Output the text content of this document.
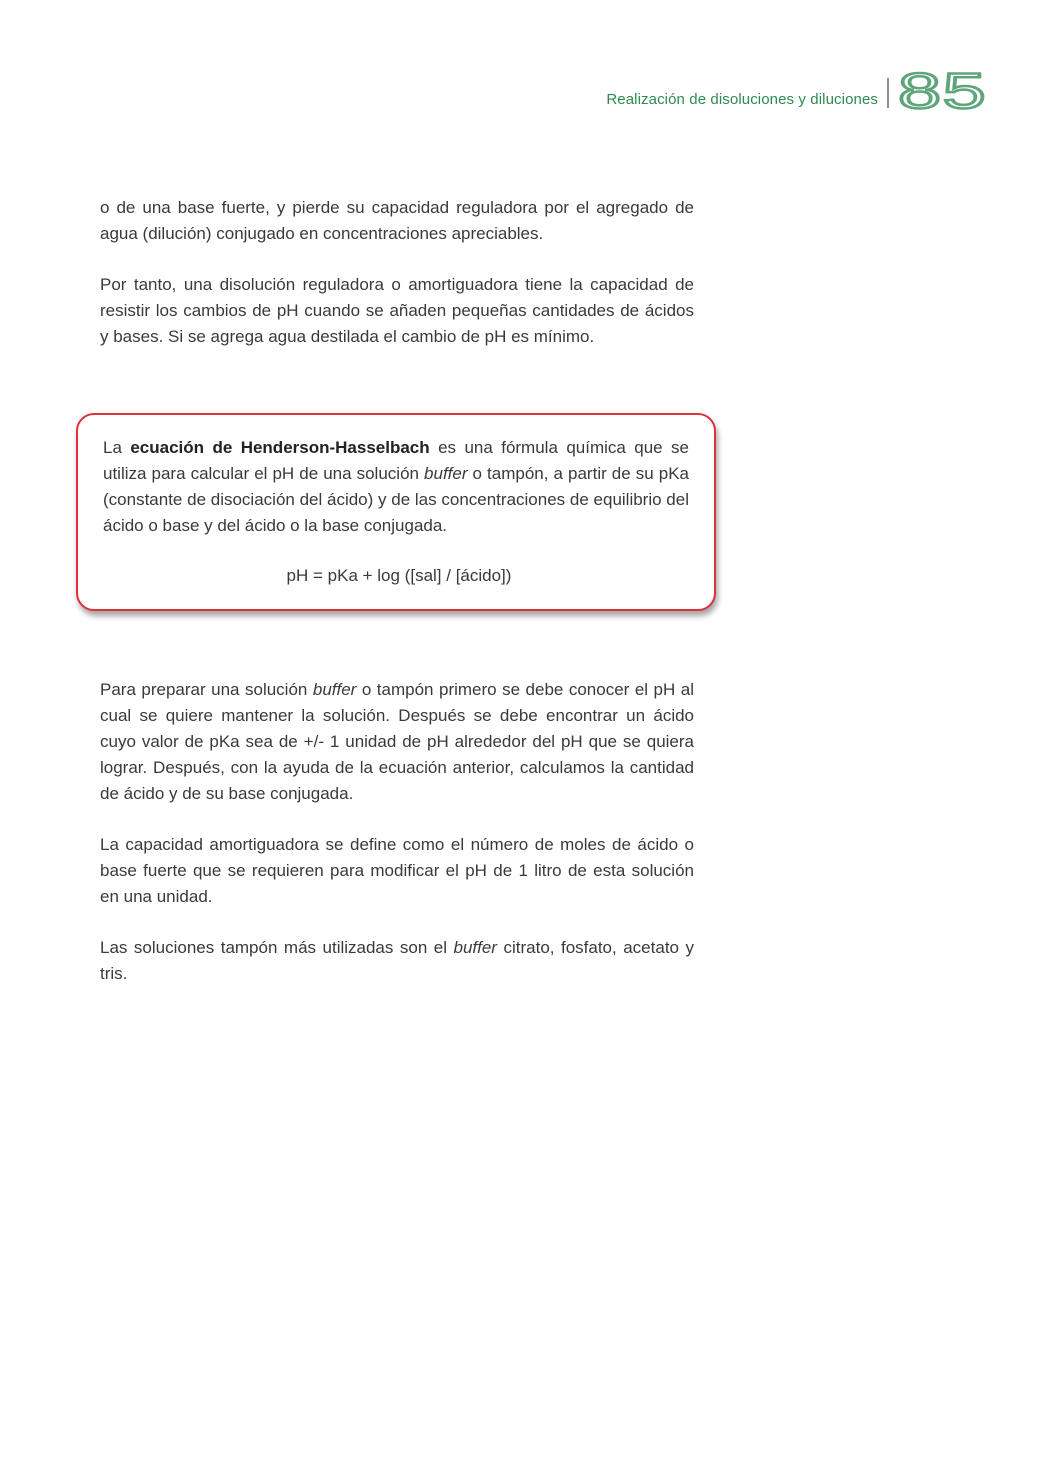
Realización de disoluciones y diluciones 85

o de una base fuerte, y pierde su capacidad reguladora por el agregado de agua (dilución) conjugado en concentraciones apreciables.

Por tanto, una disolución reguladora o amortiguadora tiene la capacidad de resistir los cambios de pH cuando se añaden pequeñas cantidades de ácidos y bases. Si se agrega agua destilada el cambio de pH es mínimo.

La ecuación de Henderson-Hasselbach es una fórmula química que se utiliza para calcular el pH de una solución buffer o tampón, a partir de su pKa (constante de disociación del ácido) y de las concentraciones de equilibrio del ácido o base y del ácido o la base conjugada.

pH = pKa + log ([sal] / [ácido])

Para preparar una solución buffer o tampón primero se debe conocer el pH al cual se quiere mantener la solución. Después se debe encontrar un ácido cuyo valor de pKa sea de +/- 1 unidad de pH alrededor del pH que se quiera lograr. Después, con la ayuda de la ecuación anterior, calculamos la cantidad de ácido y de su base conjugada.

La capacidad amortiguadora se define como el número de moles de ácido o base fuerte que se requieren para modificar el pH de 1 litro de esta solución en una unidad.

Las soluciones tampón más utilizadas son el buffer citrato, fosfato, acetato y tris.
